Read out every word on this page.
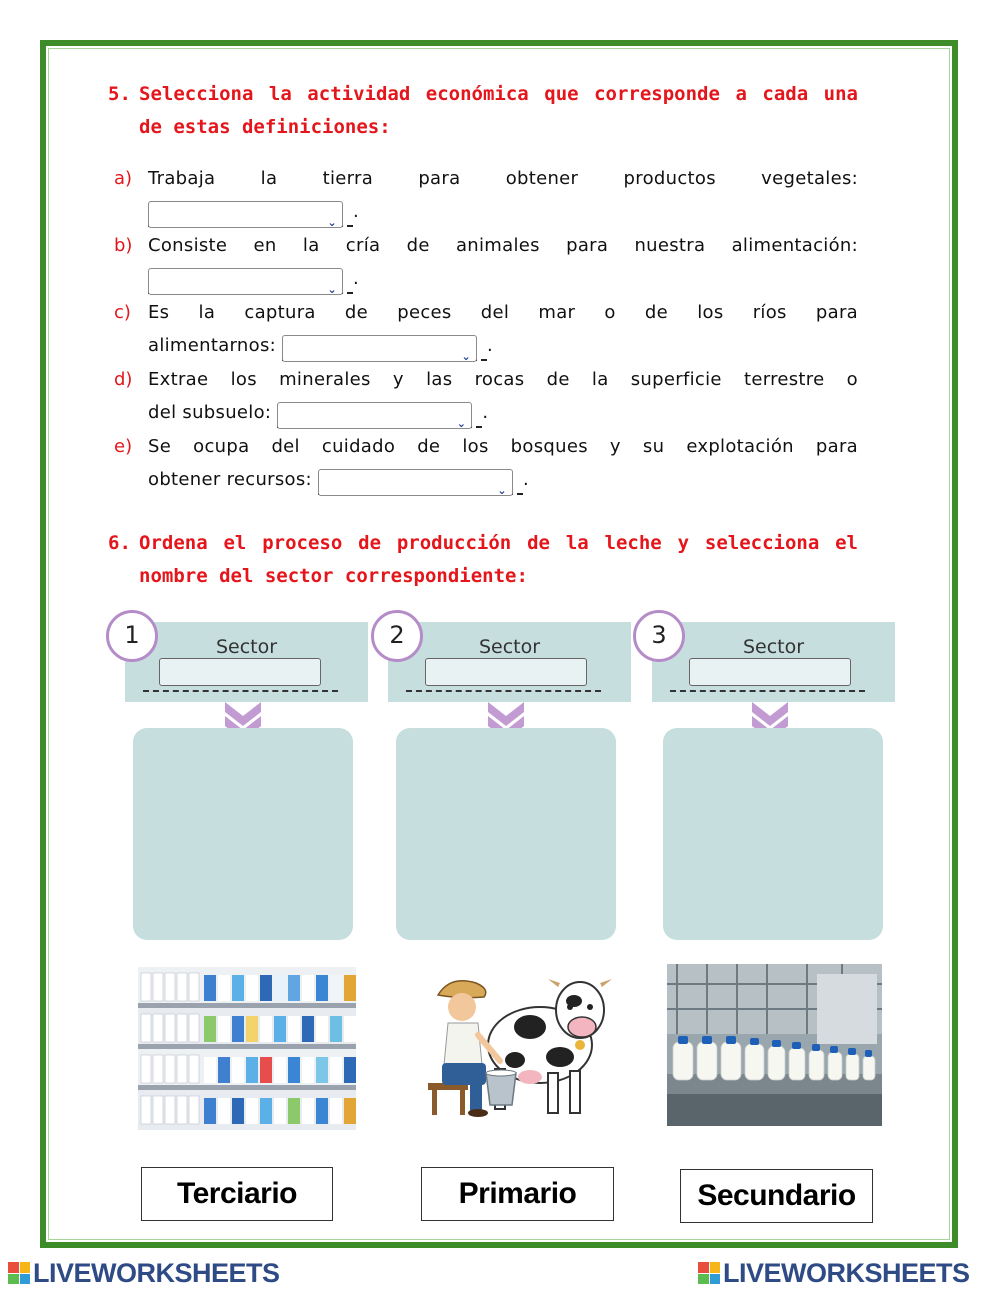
5. Selecciona la actividad económica que corresponde a cada una de estas definiciones:
a) Trabaja la tierra para obtener productos vegetales:
⌄
.
b) Consiste en la cría de animales para nuestra alimentación:
⌄
.
c) Es la captura de peces del mar o de los ríos para
alimentarnos:
⌄
.
d) Extrae los minerales y las rocas de la superficie terrestre o
del subsuelo:
⌄
.
e) Se ocupa del cuidado de los bosques y su explotación para
obtener recursos:
⌄
.
6. Ordena el proceso de producción de la leche y selecciona el nombre del sector correspondiente:
Sector	Sector	Sector
1	2	3
Terciario	Primario	Secundario
LIVEWORKSHEETS	LIVEWORKSHEETS
